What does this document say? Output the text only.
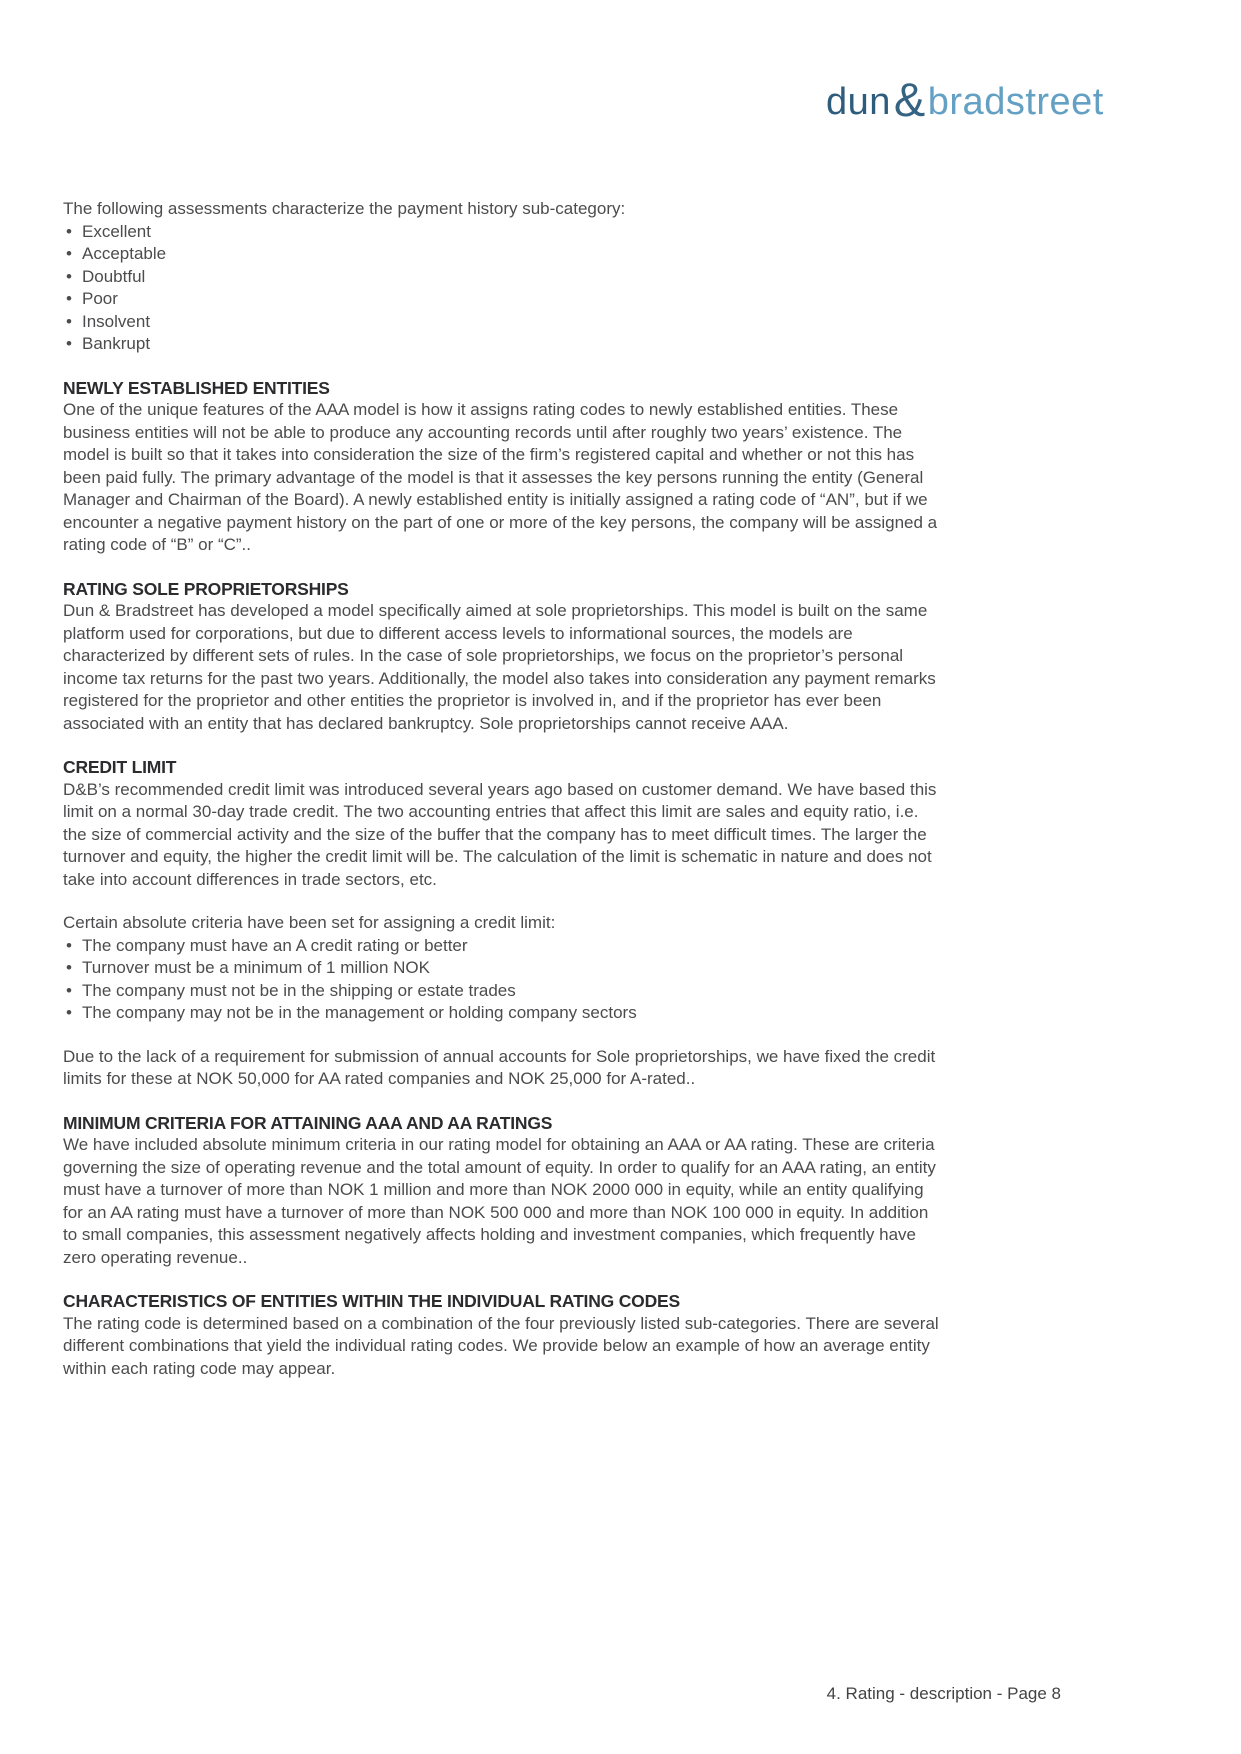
dun & bradstreet

The following assessments characterize the payment history sub-category:

• Excellent
• Acceptable
• Doubtful
• Poor
• Insolvent
• Bankrupt
NEWLY ESTABLISHED ENTITIES

One of the unique features of the AAA model is how it assigns rating codes to newly established entities. These business entities will not be able to produce any accounting records until after roughly two years’ existence. The model is built so that it takes into consideration the size of the firm’s registered capital and whether or not this has been paid fully. The primary advantage of the model is that it assesses the key persons running the entity (General Manager and Chairman of the Board). A newly established entity is initially assigned a rating code of “AN”, but if we encounter a negative payment history on the part of one or more of the key persons, the company will be assigned a rating code of “B” or “C”..

RATING SOLE PROPRIETORSHIPS

Dun & Bradstreet has developed a model specifically aimed at sole proprietorships. This model is built on the same platform used for corporations, but due to different access levels to informational sources, the models are characterized by different sets of rules. In the case of sole proprietorships, we focus on the proprietor’s personal income tax returns for the past two years. Additionally, the model also takes into consideration any payment remarks registered for the proprietor and other entities the proprietor is involved in, and if the proprietor has ever been associated with an entity that has declared bankruptcy. Sole proprietorships cannot receive AAA.

CREDIT LIMIT

D&B’s recommended credit limit was introduced several years ago based on customer demand. We have based this limit on a normal 30-day trade credit. The two accounting entries that affect this limit are sales and equity ratio, i.e. the size of commercial activity and the size of the buffer that the company has to meet difficult times. The larger the turnover and equity, the higher the credit limit will be. The calculation of the limit is schematic in nature and does not take into account differences in trade sectors, etc.

Certain absolute criteria have been set for assigning a credit limit:

• The company must have an A credit rating or better
• Turnover must be a minimum of 1 million NOK
• The company must not be in the shipping or estate trades
• The company may not be in the management or holding company sectors

Due to the lack of a requirement for submission of annual accounts for Sole proprietorships, we have fixed the credit limits for these at NOK 50,000 for AA rated companies and NOK 25,000 for A-rated..

MINIMUM CRITERIA FOR ATTAINING AAA AND AA RATINGS

We have included absolute minimum criteria in our rating model for obtaining an AAA or AA rating. These are criteria governing the size of operating revenue and the total amount of equity. In order to qualify for an AAA rating, an entity must have a turnover of more than NOK 1 million and more than NOK 2000 000 in equity, while an entity qualifying for an AA rating must have a turnover of more than NOK 500 000 and more than NOK 100 000 in equity. In addition to small companies, this assessment negatively affects holding and investment companies, which frequently have zero operating revenue..

CHARACTERISTICS OF ENTITIES WITHIN THE INDIVIDUAL RATING CODES

The rating code is determined based on a combination of the four previously listed sub-categories. There are several different combinations that yield the individual rating codes. We provide below an example of how an average entity within each rating code may appear.

4. Rating - description - Page 8
